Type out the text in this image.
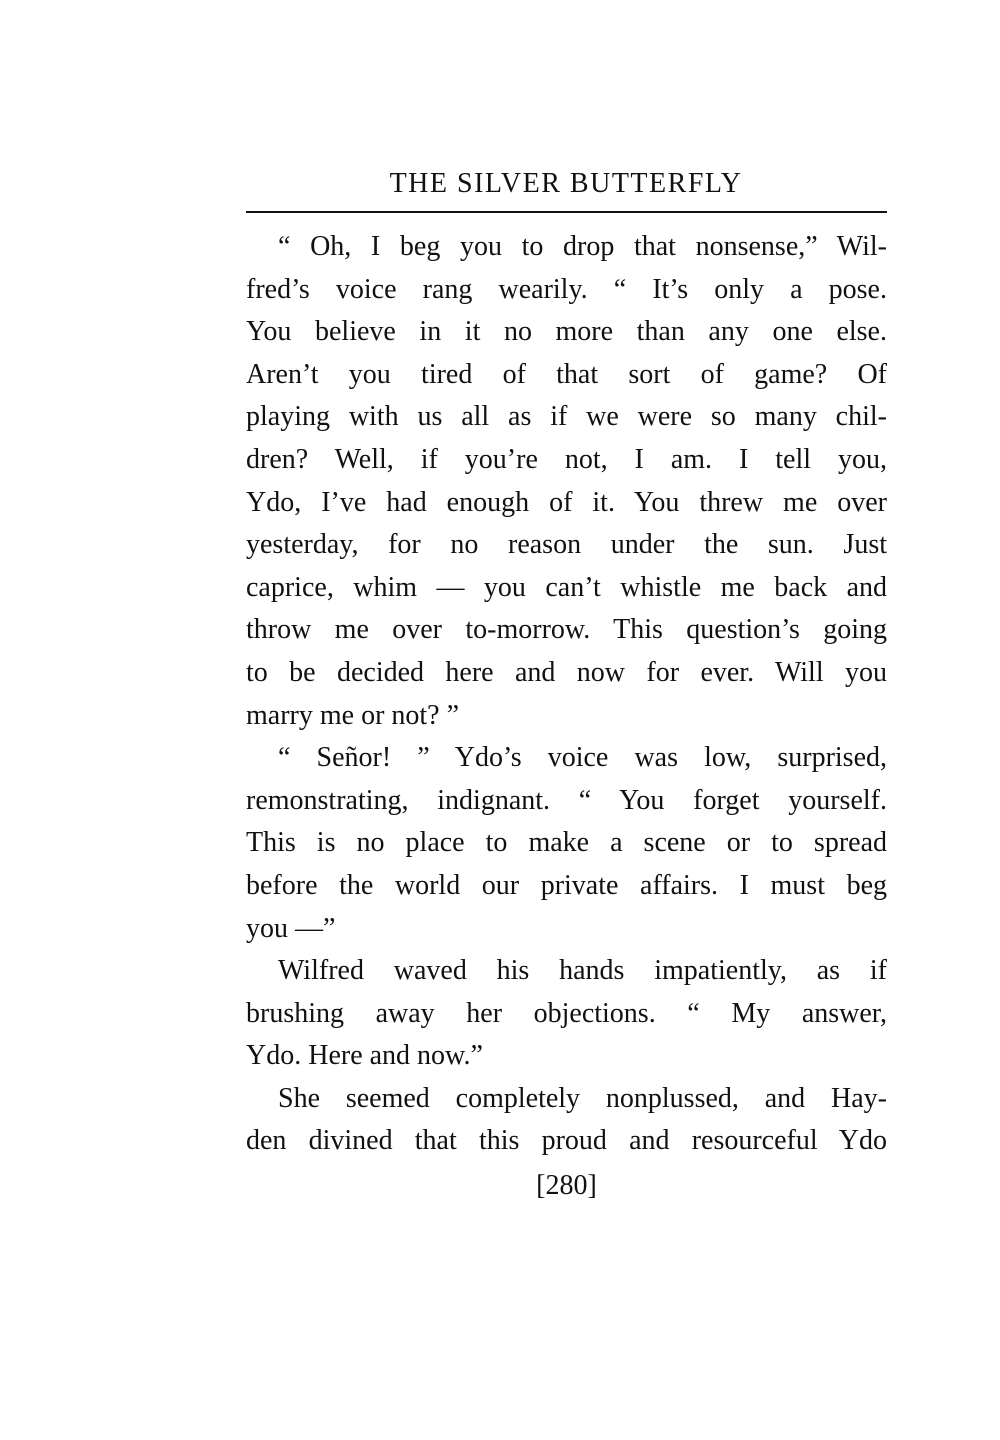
THE SILVER BUTTERFLY
“ Oh, I beg you to drop that nonsense,” Wil-
fred’s voice rang wearily. “ It’s only a pose.
You believe in it no more than any one else.
Aren’t you tired of that sort of game? Of
playing with us all as if we were so many chil-
dren? Well, if you’re not, I am. I tell you,
Ydo, I’ve had enough of it. You threw me over
yesterday, for no reason under the sun. Just
caprice, whim — you can’t whistle me back and
throw me over to-morrow. This question’s going
to be decided here and now for ever. Will you
marry me or not? ”
“ Señor! ” Ydo’s voice was low, surprised,
remonstrating, indignant. “ You forget yourself.
This is no place to make a scene or to spread
before the world our private affairs. I must beg
you —”
Wilfred waved his hands impatiently, as if
brushing away her objections. “ My answer,
Ydo. Here and now.”
She seemed completely nonplussed, and Hay-
den divined that this proud and resourceful Ydo
[280]
